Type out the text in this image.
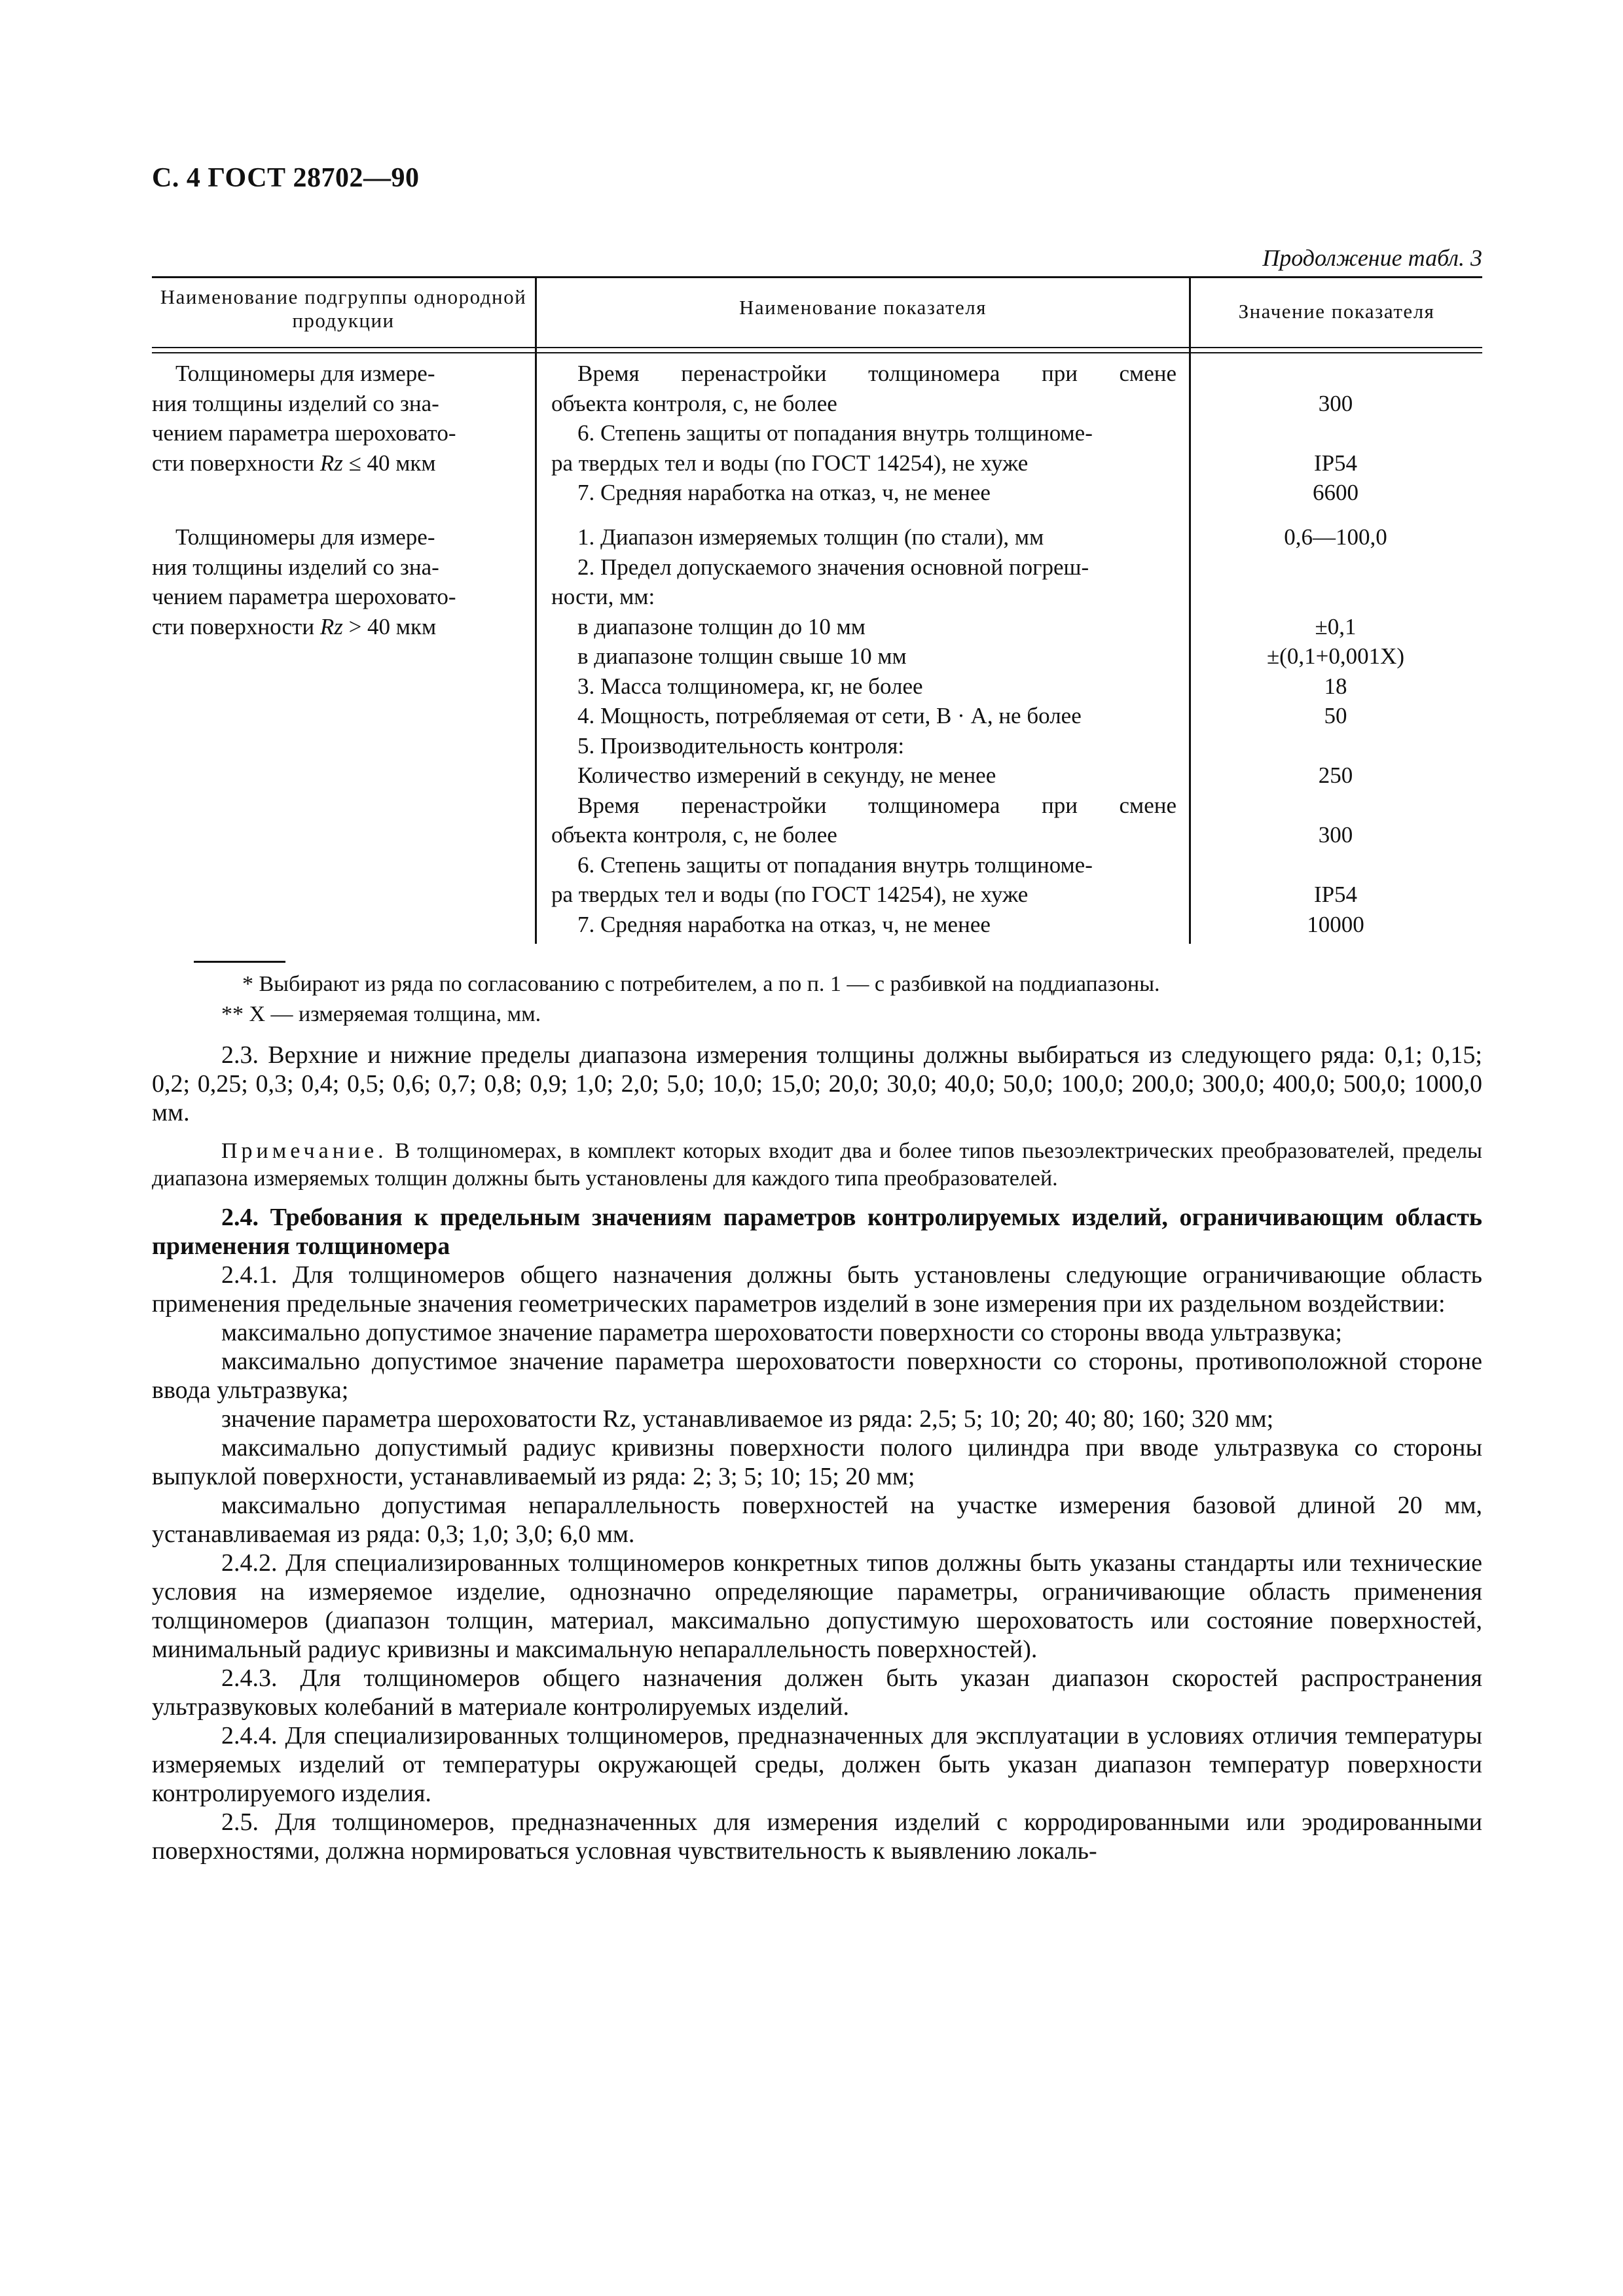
С. 4 ГОСТ 28702—90
Продолжение табл. 3
Наименование подгруппы однородной продукции
Наименование показателя	Значение показателя
Толщиномеры для измере-
ния толщины изделий со зна-
чением параметра шероховато-
сти поверхности Rz ≤ 40 мкм
Время перенастройки толщиномера при смене
объекта контроля, с, не более
6. Степень защиты от попадания внутрь толщиноме-
ра твердых тел и воды (по ГОСТ 14254), не хуже
7. Средняя наработка на отказ, ч, не менее
300
IP54
6600
Толщиномеры для измере-
ния толщины изделий со зна-
чением параметра шероховато-
сти поверхности Rz > 40 мкм
1. Диапазон измеряемых толщин (по стали), мм
2. Предел допускаемого значения основной погреш-
ности, мм:
в диапазоне толщин до 10 мм
в диапазоне толщин свыше 10 мм
3. Масса толщиномера, кг, не более
4. Мощность, потребляемая от сети, В · А, не более
5. Производительность контроля:
Количество измерений в секунду, не менее
Время перенастройки толщиномера при смене
объекта контроля, с, не более
6. Степень защиты от попадания внутрь толщиноме-
ра твердых тел и воды (по ГОСТ 14254), не хуже
7. Средняя наработка на отказ, ч, не менее
0,6—100,0
±0,1
±(0,1+0,001X)
18
50
250
300
IP54
10000
* Выбирают из ряда по согласованию с потребителем, а по п. 1 — с разбивкой на поддиапазоны.
** X — измеряемая толщина, мм.

2.3. Верхние и нижние пределы диапазона измерения толщины должны выбираться из следующего ряда: 0,1; 0,15; 0,2; 0,25; 0,3; 0,4; 0,5; 0,6; 0,7; 0,8; 0,9; 1,0; 2,0; 5,0; 10,0; 15,0; 20,0; 30,0; 40,0; 50,0; 100,0; 200,0; 300,0; 400,0; 500,0; 1000,0 мм.

Примечание. В толщиномерах, в комплект которых входит два и более типов пьезоэлектрических преобразователей, пределы диапазона измеряемых толщин должны быть установлены для каждого типа преобразователей.

2.4. Требования к предельным значениям параметров контролируемых изделий, ограничивающим область применения толщиномера

2.4.1. Для толщиномеров общего назначения должны быть установлены следующие ограничивающие область применения предельные значения геометрических параметров изделий в зоне измерения при их раздельном воздействии:

максимально допустимое значение параметра шероховатости поверхности со стороны ввода ультразвука;

максимально допустимое значение параметра шероховатости поверхности со стороны, противоположной стороне ввода ультразвука;

значение параметра шероховатости Rz, устанавливаемое из ряда: 2,5; 5; 10; 20; 40; 80; 160; 320 мм;

максимально допустимый радиус кривизны поверхности полого цилиндра при вводе ультразвука со стороны выпуклой поверхности, устанавливаемый из ряда: 2; 3; 5; 10; 15; 20 мм;

максимально допустимая непараллельность поверхностей на участке измерения базовой длиной 20 мм, устанавливаемая из ряда: 0,3; 1,0; 3,0; 6,0 мм.

2.4.2. Для специализированных толщиномеров конкретных типов должны быть указаны стандарты или технические условия на измеряемое изделие, однозначно определяющие параметры, ограничивающие область применения толщиномеров (диапазон толщин, материал, максимально допустимую шероховатость или состояние поверхностей, минимальный радиус кривизны и максимальную непараллельность поверхностей).

2.4.3. Для толщиномеров общего назначения должен быть указан диапазон скоростей распространения ультразвуковых колебаний в материале контролируемых изделий.

2.4.4. Для специализированных толщиномеров, предназначенных для эксплуатации в условиях отличия температуры измеряемых изделий от температуры окружающей среды, должен быть указан диапазон температур поверхности контролируемого изделия.

2.5. Для толщиномеров, предназначенных для измерения изделий с корродированными или эродированными поверхностями, должна нормироваться условная чувствительность к выявлению локаль-
